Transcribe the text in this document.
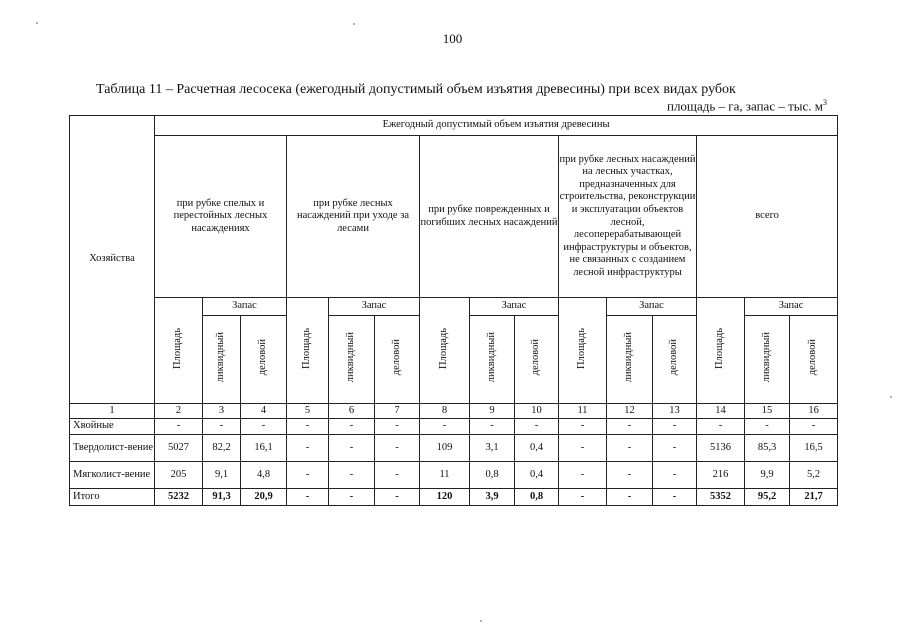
100
Таблица 11 – Расчетная лесосека (ежегодный допустимый объем изъятия древесины) при всех видах рубок
площадь – га, запас – тыс. $м^3$
Хозяйства	Ежегодный допустимый объем изъятия древесины														
	при рубке спелых и перестойных лесных насаждениях			при рубке лесных насаждений при уходе за лесами			при рубке поврежденных и погибших лесных насаждений			при рубке лесных насаждений на лесных участках, предназначенных для строительства, реконструкции и эксплуатации объектов лесной, лесоперерабатывающей инфраструктуры и объектов, не связанных с созданием лесной инфраструктуры			всего		
	Площадь	Запас		Площадь	Запас		Площадь	Запас		Площадь	Запас		Площадь	Запас	
		ликвидный	деловой		ликвидный	деловой		ликвидный	деловой		ликвидный	деловой		ликвидный	деловой
1	2	3	4	5	6	7	8	9	10	11	12	13	14	15	16
Хвойные	-	-	-	-	-	-	-	-	-	-	-	-	-	-	-
Твердолист-вение	5027	82,2	16,1	-	-	-	109	3,1	0,4	-	-	-	5136	85,3	16,5
Мягколист-вение	205	9,1	4,8	-	-	-	11	0,8	0,4	-	-	-	216	9,9	5,2
Итого	5232	91,3	20,9	-	-	-	120	3,9	0,8	-	-	-	5352	95,2	21,7
